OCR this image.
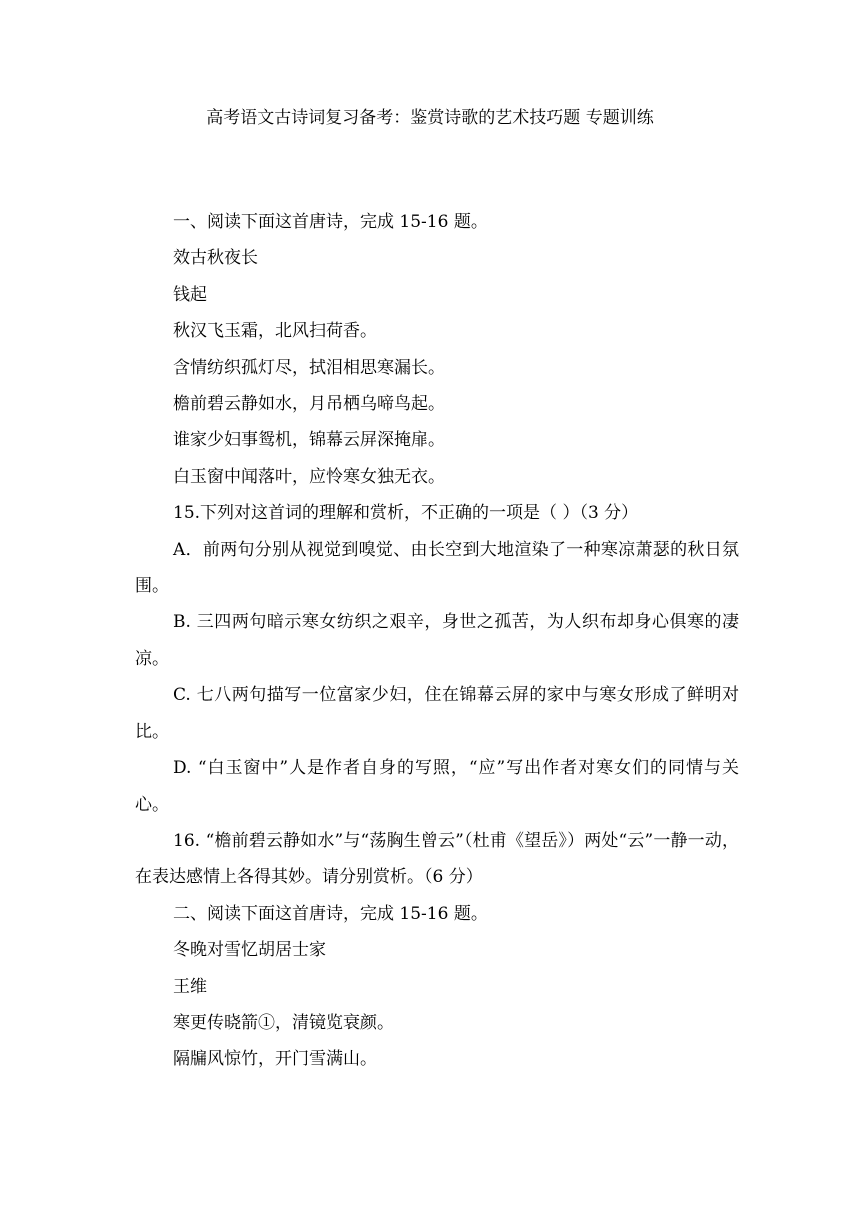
高考语文古诗词复习备考：鉴赏诗歌的艺术技巧题 专题训练

一、阅读下面这首唐诗，完成 15-16 题。

效古秋夜长

钱起

秋汉飞玉霜，北风扫荷香。

含情纺织孤灯尽，拭泪相思寒漏长。

檐前碧云静如水，月吊栖乌啼鸟起。

谁家少妇事鸳机，锦幕云屏深掩扉。

白玉窗中闻落叶，应怜寒女独无衣。

15.下列对这首词的理解和赏析，不正确的一项是（ ）（3 分）

A．前两句分别从视觉到嗅觉、由长空到大地渲染了一种寒凉萧瑟的秋日氛围。

B. 三四两句暗示寒女纺织之艰辛，身世之孤苦，为人织布却身心俱寒的凄凉。

C. 七八两句描写一位富家少妇，住在锦幕云屏的家中与寒女形成了鲜明对比。

D. “白玉窗中”人是作者自身的写照，“应”写出作者对寒女们的同情与关心。

16. “檐前碧云静如水”与“荡胸生曾云”（杜甫《望岳》）两处“云”一静一动，在表达感情上各得其妙。请分别赏析。（6 分）

二、阅读下面这首唐诗，完成 15-16 题。

冬晚对雪忆胡居士家

王维

寒更传晓箭①，清镜览衰颜。

隔牖风惊竹，开门雪满山。
